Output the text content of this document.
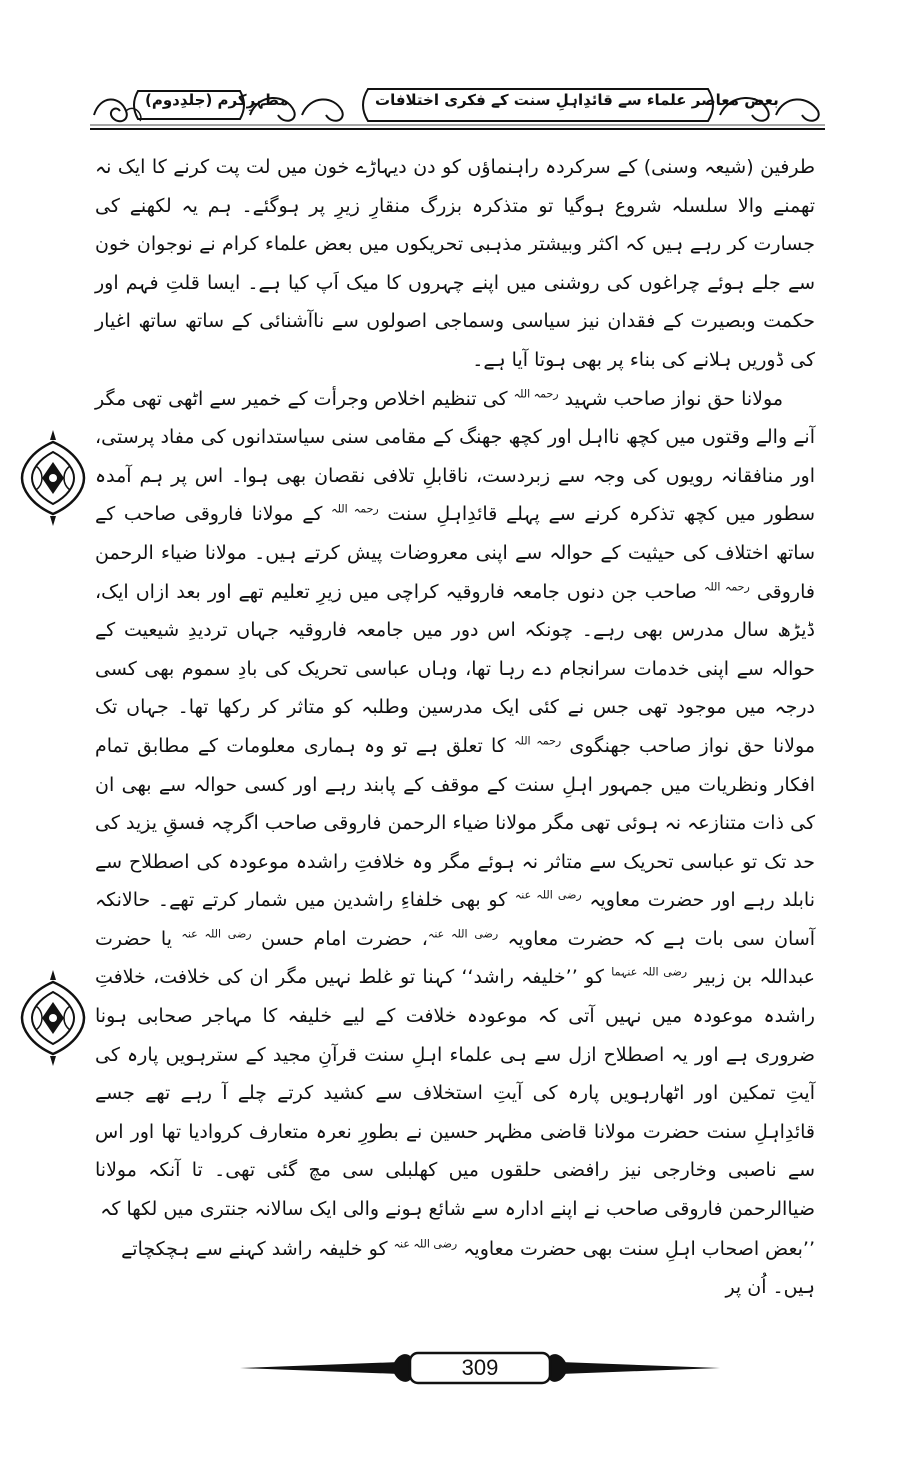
مظہرِکرم (جلدِدوم)	بعض معاصر علماء سے قائدِاہلِ سنت کے فکری اختلافات

طرفین (شیعہ وسنی) کے سرکردہ راہنماؤں کو دن دیہاڑے خون میں لت پت کرنے کا ایک نہ تھمنے والا سلسلہ شروع ہوگیا تو متذکرہ بزرگ منقارِ زیرِ پر ہوگئے۔ ہم یہ لکھنے کی جسارت کر رہے ہیں کہ اکثر وبیشتر مذہبی تحریکوں میں بعض علماء کرام نے نوجوان خون سے جلے ہوئے چراغوں کی روشنی میں اپنے چہروں کا میک اَپ کیا ہے۔ ایسا قلتِ فہم اور حکمت وبصیرت کے فقدان نیز سیاسی وسماجی اصولوں سے ناآشنائی کے ساتھ ساتھ اغیار کی ڈوریں ہلانے کی بناء پر بھی ہوتا آیا ہے۔

مولانا حق نواز صاحب شہید $^{رحمہ اللہ}$ کی تنظیم اخلاص وجرأت کے خمیر سے اٹھی تھی مگر آنے والے وقتوں میں کچھ نااہل اور کچھ جھنگ کے مقامی سنی سیاستدانوں کی مفاد پرستی، اور منافقانہ رویوں کی وجہ سے زبردست، ناقابلِ تلافی نقصان بھی ہوا۔ اس پر ہم آمدہ سطور میں کچھ تذکرہ کرنے سے پہلے قائدِاہلِ سنت $^{رحمہ اللہ}$ کے مولانا فاروقی صاحب کے ساتھ اختلاف کی حیثیت کے حوالہ سے اپنی معروضات پیش کرتے ہیں۔ مولانا ضیاء الرحمن فاروقی $^{رحمہ اللہ}$ صاحب جن دنوں جامعہ فاروقیہ کراچی میں زیرِ تعلیم تھے اور بعد ازاں ایک، ڈیڑھ سال مدرس بھی رہے۔ چونکہ اس دور میں جامعہ فاروقیہ جہاں تردیدِ شیعیت کے حوالہ سے اپنی خدمات سرانجام دے رہا تھا، وہاں عباسی تحریک کی بادِ سموم بھی کسی درجہ میں موجود تھی جس نے کئی ایک مدرسین وطلبہ کو متاثر کر رکھا تھا۔ جہاں تک مولانا حق نواز صاحب جھنگوی $^{رحمہ اللہ}$ کا تعلق ہے تو وہ ہماری معلومات کے مطابق تمام افکار ونظریات میں جمہور اہلِ سنت کے موقف کے پابند رہے اور کسی حوالہ سے بھی ان کی ذات متنازعہ نہ ہوئی تھی مگر مولانا ضیاء الرحمن فاروقی صاحب اگرچہ فسقِ یزید کی حد تک تو عباسی تحریک سے متاثر نہ ہوئے مگر وہ خلافتِ راشدہ موعودہ کی اصطلاح سے نابلد رہے اور حضرت معاویہ $^{رضی اللہ عنہ}$ کو بھی خلفاءِ راشدین میں شمار کرتے تھے۔ حالانکہ آسان سی بات ہے کہ حضرت معاویہ $^{رضی اللہ عنہ}$، حضرت امام حسن $^{رضی اللہ عنہ}$ یا حضرت عبداللہ بن زبیر $^{رضی اللہ عنہما}$ کو ’’خلیفہ راشد‘‘ کہنا تو غلط نہیں مگر ان کی خلافت، خلافتِ راشدہ موعودہ میں نہیں آتی کہ موعودہ خلافت کے لیے خلیفہ کا مہاجر صحابی ہونا ضروری ہے اور یہ اصطلاح ازل سے ہی علماء اہلِ سنت قرآنِ مجید کے سترہویں پارہ کی آیتِ تمکین اور اٹھارہویں پارہ کی آیتِ استخلاف سے کشید کرتے چلے آ رہے تھے جسے قائدِاہلِ سنت حضرت مولانا قاضی مظہر حسین نے بطورِ نعرہ متعارف کروادیا تھا اور اس سے ناصبی وخارجی نیز رافضی حلقوں میں کھلبلی سی مچ گئی تھی۔ تا آنکہ مولانا ضیاالرحمن فاروقی صاحب نے اپنے ادارہ سے شائع ہونے والی ایک سالانہ جنتری میں لکھا کہ

’’بعض اصحاب اہلِ سنت بھی حضرت معاویہ $^{رضی اللہ عنہ}$ کو خلیفہ راشد کہنے سے ہچکچاتے ہیں۔ اُن پر
309
